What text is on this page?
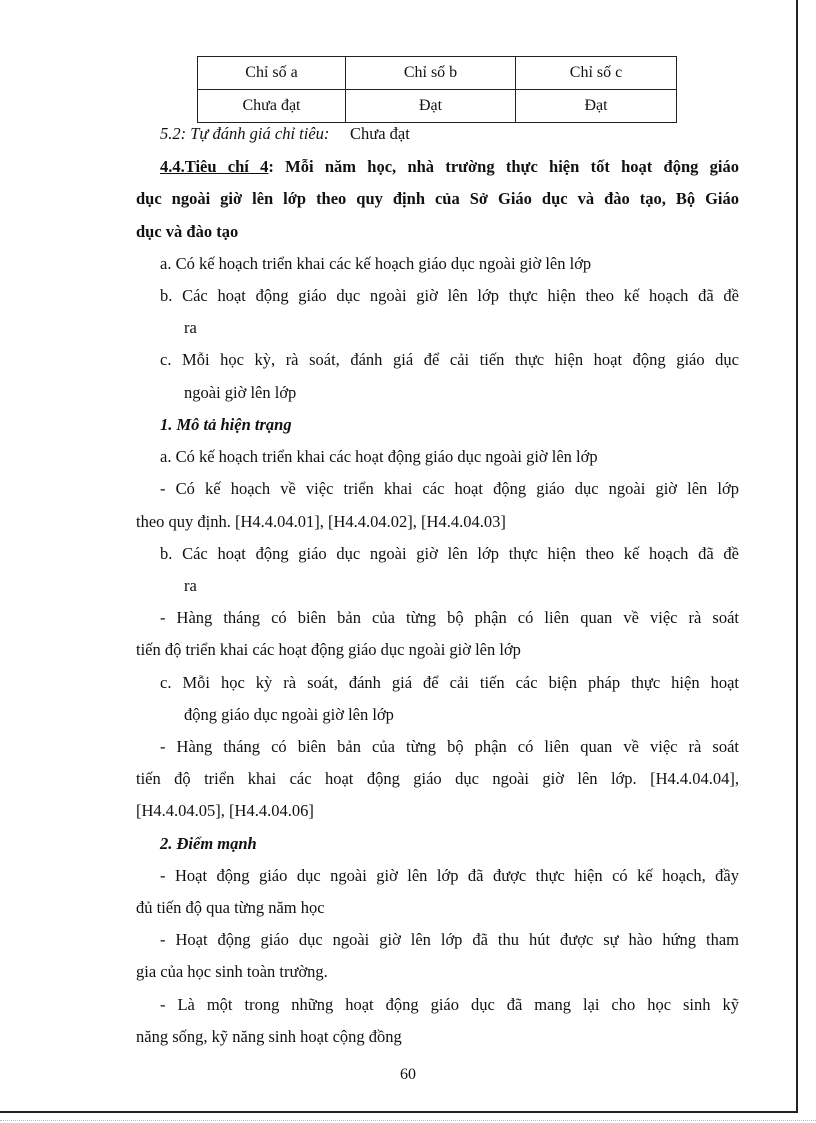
Chỉ số a	Chỉ số b	Chỉ số c
Chưa đạt	Đạt	Đạt
5.2: Tự đánh giá chỉ tiêu: Chưa đạt
4.4.Tiêu chí 4: Mỗi năm học, nhà trường thực hiện tốt hoạt động giáo
dục ngoài giờ lên lớp theo quy định của Sở Giáo dục và đào tạo, Bộ Giáo
dục và đào tạo
a. Có kế hoạch triển khai các kế hoạch giáo dục ngoài giờ lên lớp
b. Các hoạt động giáo dục ngoài giờ lên lớp thực hiện theo kế hoạch đã đề
ra
c. Mỗi học kỳ, rà soát, đánh giá để cải tiến thực hiện hoạt động giáo dục
ngoài giờ lên lớp
1. Mô tả hiện trạng
a. Có kế hoạch triển khai các hoạt động giáo dục ngoài giờ lên lớp
- Có kế hoạch về việc triển khai các hoạt động giáo dục ngoài giờ lên lớp
theo quy định. [H4.4.04.01], [H4.4.04.02], [H4.4.04.03]
b. Các hoạt động giáo dục ngoài giờ lên lớp thực hiện theo kế hoạch đã đề
ra
- Hàng tháng có biên bản của từng bộ phận có liên quan về việc rà soát
tiến độ triển khai các hoạt động giáo dục ngoài giờ lên lớp
c. Mỗi học kỳ rà soát, đánh giá để cải tiến các biện pháp thực hiện hoạt
động giáo dục ngoài giờ lên lớp
- Hàng tháng có biên bản của từng bộ phận có liên quan về việc rà soát
tiến độ triển khai các hoạt động giáo dục ngoài giờ lên lớp. [H4.4.04.04],
[H4.4.04.05], [H4.4.04.06]
2. Điểm mạnh
- Hoạt động giáo dục ngoài giờ lên lớp đã được thực hiện có kế hoạch, đầy
đủ tiến độ qua từng năm học
- Hoạt động giáo dục ngoài giờ lên lớp đã thu hút được sự hào hứng tham
gia của học sinh toàn trường.
- Là một trong những hoạt động giáo dục đã mang lại cho học sinh kỹ
năng sống, kỹ năng sinh hoạt cộng đồng
60
